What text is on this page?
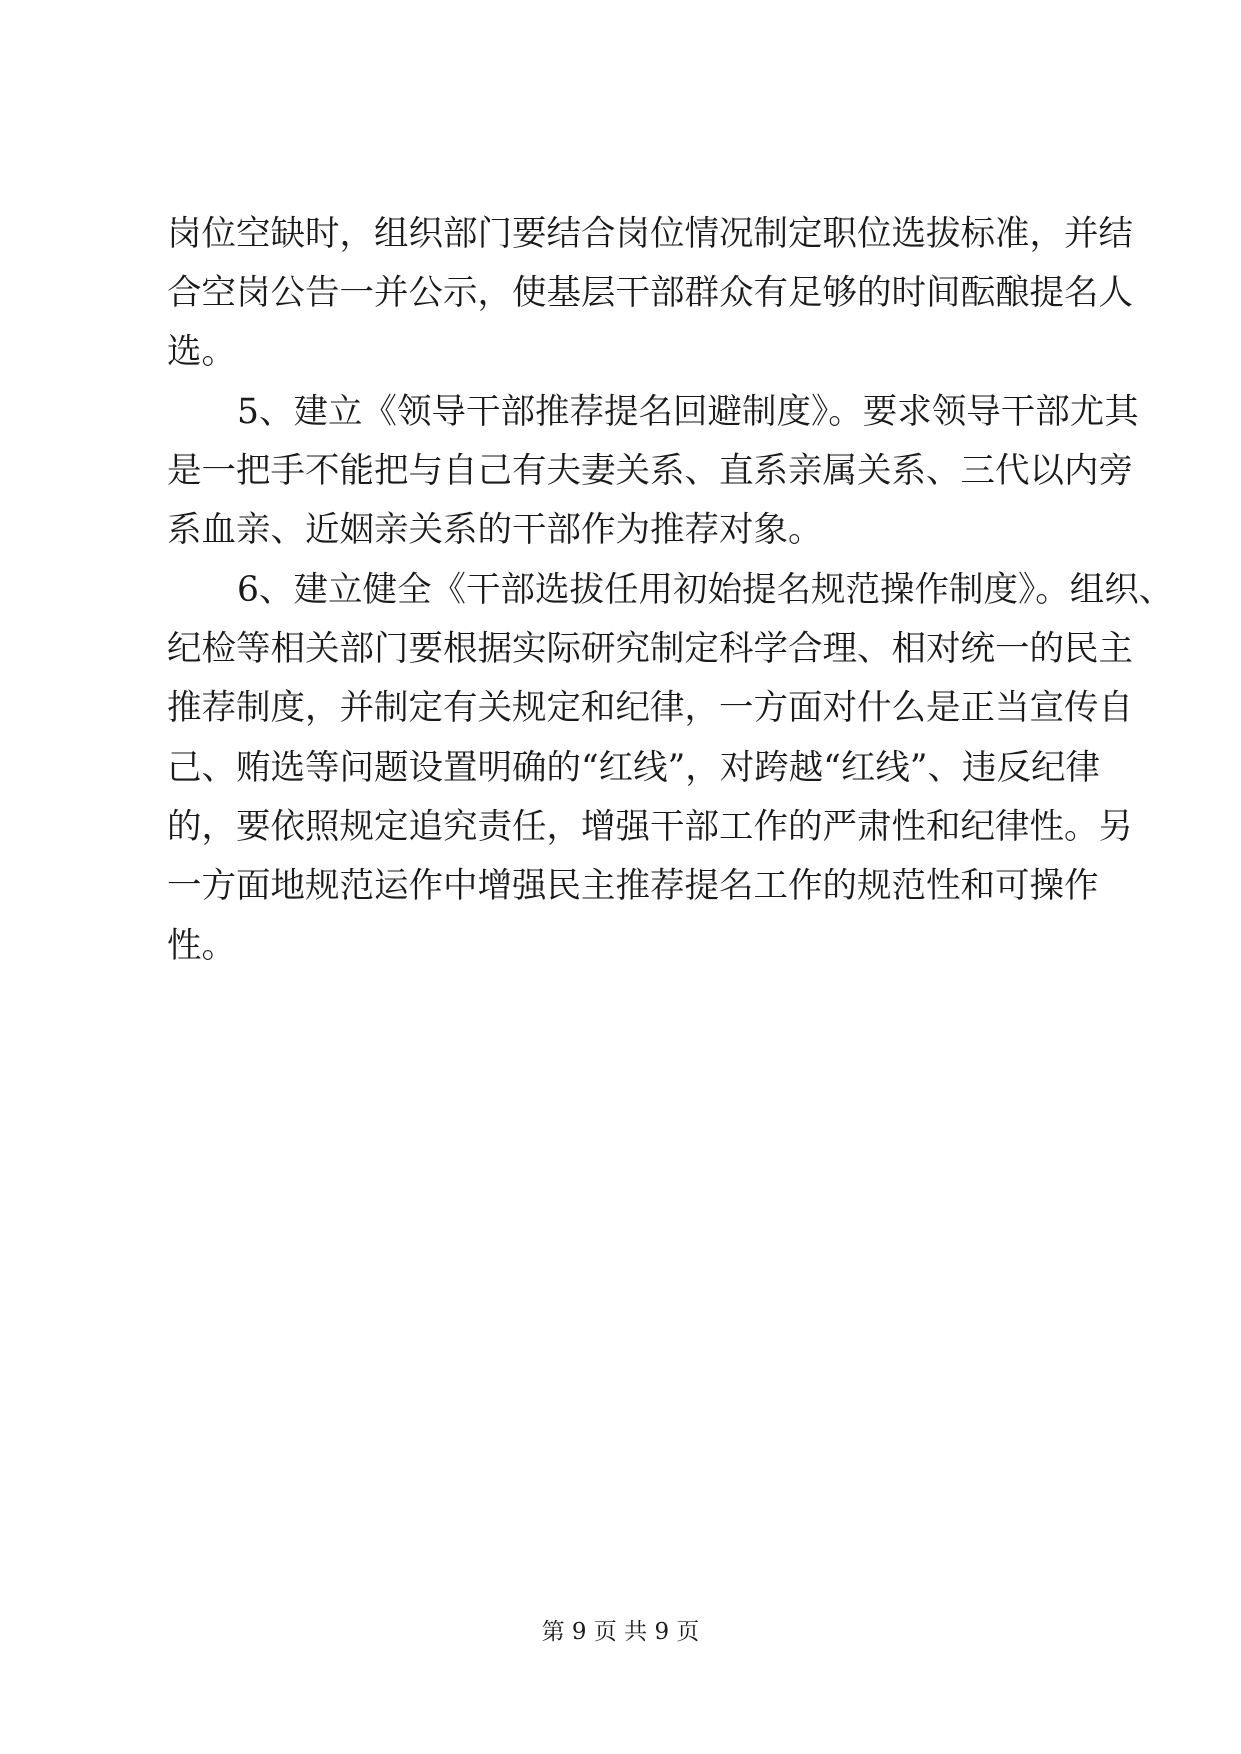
岗位空缺时，组织部门要结合岗位情况制定职位选拔标准，并结
合空岗公告一并公示，使基层干部群众有足够的时间酝酿提名人
选。
5、建立《领导干部推荐提名回避制度》。要求领导干部尤其
是一把手不能把与自己有夫妻关系、直系亲属关系、三代以内旁
系血亲、近姻亲关系的干部作为推荐对象。
6、建立健全《干部选拔任用初始提名规范操作制度》。组织、
纪检等相关部门要根据实际研究制定科学合理、相对统一的民主
推荐制度，并制定有关规定和纪律，一方面对什么是正当宣传自
己、贿选等问题设置明确的“红线”，对跨越“红线”、违反纪律
的，要依照规定追究责任，增强干部工作的严肃性和纪律性。另
一方面地规范运作中增强民主推荐提名工作的规范性和可操作
性。
第 9 页 共 9 页
